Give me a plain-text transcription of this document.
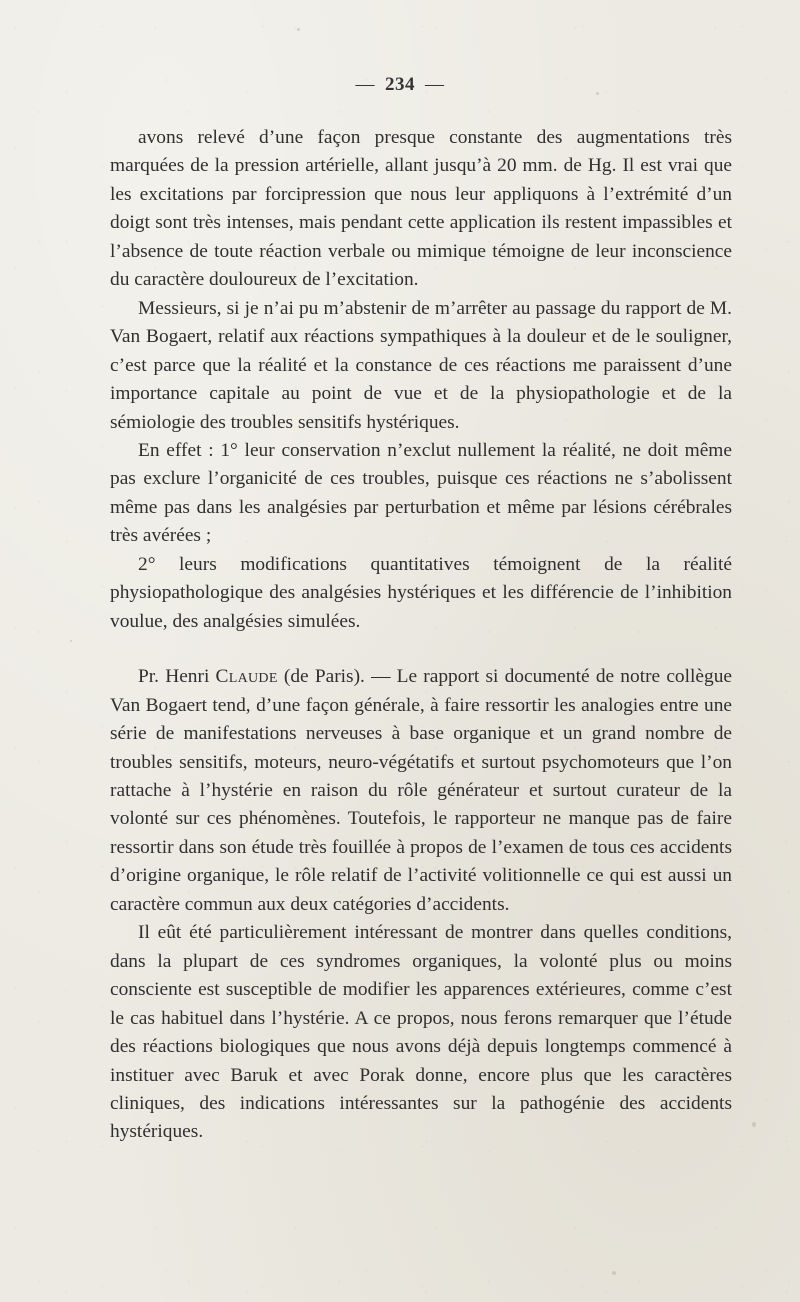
— 234 —

avons relevé d’une façon presque constante des augmentations très marquées de la pression artérielle, allant jusqu’à 20 mm. de Hg. Il est vrai que les excitations par forcipression que nous leur appliquons à l’extrémité d’un doigt sont très intenses, mais pendant cette application ils restent impassibles et l’absence de toute réaction verbale ou mimique témoigne de leur inconscience du caractère douloureux de l’excitation.

Messieurs, si je n’ai pu m’abstenir de m’arrêter au passage du rapport de M. Van Bogaert, relatif aux réactions sympathiques à la douleur et de le souligner, c’est parce que la réalité et la constance de ces réactions me paraissent d’une importance capitale au point de vue et de la physiopathologie et de la sémiologie des troubles sensitifs hystériques.

En effet : 1° leur conservation n’exclut nullement la réalité, ne doit même pas exclure l’organicité de ces troubles, puisque ces réactions ne s’abolissent même pas dans les analgésies par perturbation et même par lésions cérébrales très avérées ;

2° leurs modifications quantitatives témoignent de la réalité physiopathologique des analgésies hystériques et les différencie de l’inhibition voulue, des analgésies simulées.

Pr. Henri Claude (de Paris). — Le rapport si documenté de notre collègue Van Bogaert tend, d’une façon générale, à faire ressortir les analogies entre une série de manifestations nerveuses à base organique et un grand nombre de troubles sensitifs, moteurs, neuro-végétatifs et surtout psychomoteurs que l’on rattache à l’hystérie en raison du rôle générateur et surtout curateur de la volonté sur ces phénomènes. Toutefois, le rapporteur ne manque pas de faire ressortir dans son étude très fouillée à propos de l’examen de tous ces accidents d’origine organique, le rôle relatif de l’activité volitionnelle ce qui est aussi un caractère commun aux deux catégories d’accidents.

Il eût été particulièrement intéressant de montrer dans quelles conditions, dans la plupart de ces syndromes organiques, la volonté plus ou moins consciente est susceptible de modifier les apparences extérieures, comme c’est le cas habituel dans l’hystérie. A ce propos, nous ferons remarquer que l’étude des réactions biologiques que nous avons déjà depuis longtemps commencé à instituer avec Baruk et avec Porak donne, encore plus que les caractères cliniques, des indications intéressantes sur la pathogénie des accidents hystériques.
